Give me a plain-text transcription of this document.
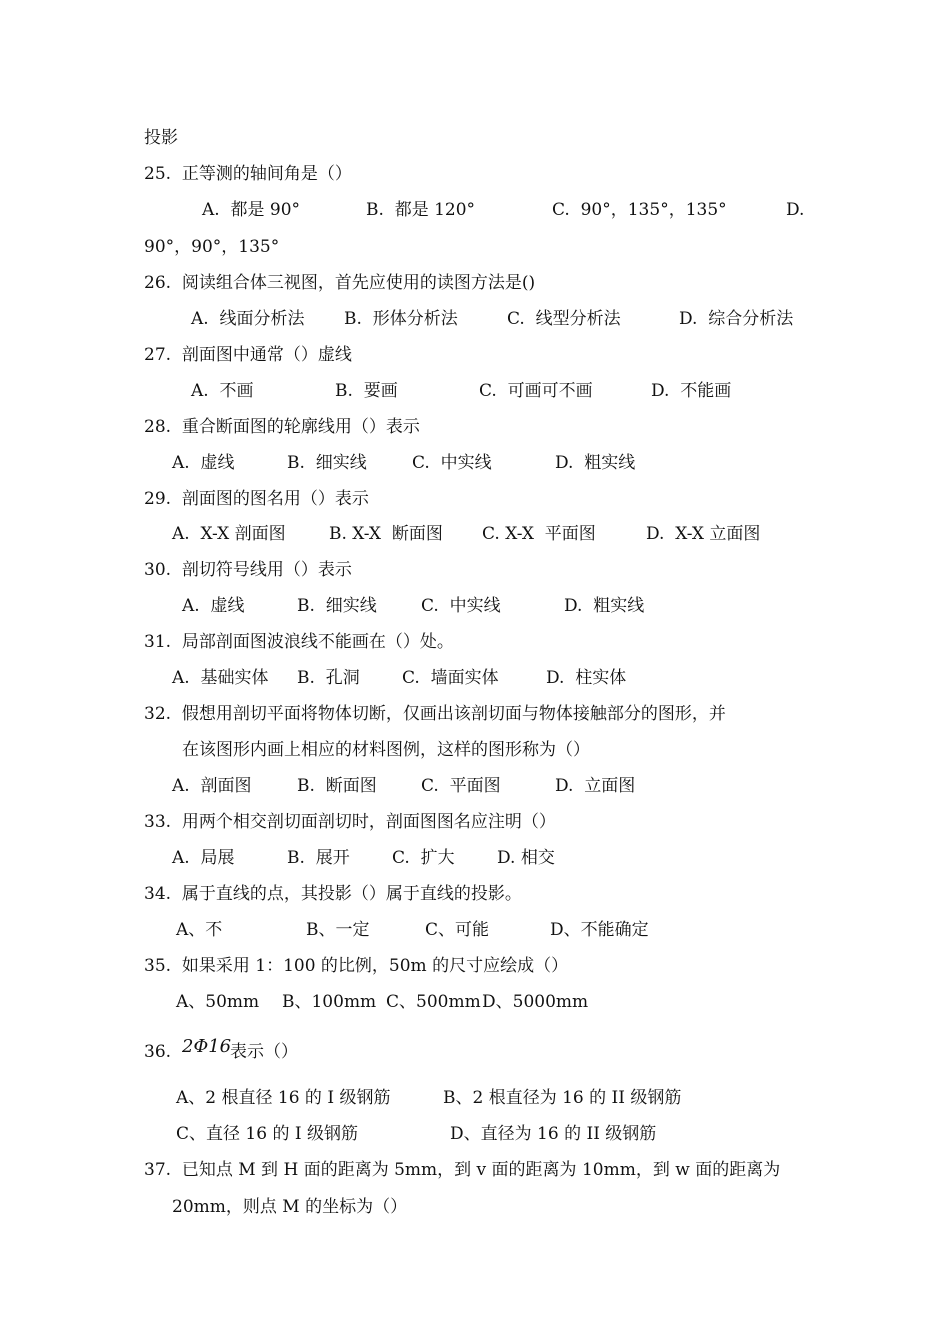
投影
25.  正等测的轴间角是（）
A.  都是 90°	B.  都是 120°	C.  90°，135°，135°	D.
90°，90°，135°
26.  阅读组合体三视图，首先应使用的读图方法是()
A.  线面分析法 B.  形体分析法	C.  线型分析法	D.  综合分析法
27.  剖面图中通常（）虚线
A.  不画	B.  要画	C.  可画可不画	D.  不能画
28.  重合断面图的轮廓线用（）表示
A.  虚线	B.  细实线	C.  中实线	D.  粗实线
29.  剖面图的图名用（）表示
A.  X-X 剖面图	B. X-X  断面图 C. X-X  平面图	D.  X-X 立面图
30.  剖切符号线用（）表示
A.  虚线	B.  细实线	C.  中实线	D.  粗实线
31.  局部剖面图波浪线不能画在（）处。
A.  基础实体 B.  孔洞 C.  墙面实体	D.  柱实体
32.  假想用剖切平面将物体切断，仅画出该剖切面与物体接触部分的图形，并
在该图形内画上相应的材料图例，这样的图形称为（）
A.  剖面图	B.  断面图	C.  平面图	D.  立面图
33.  用两个相交剖切面剖切时，剖面图图名应注明（）
A.  局展	B.  展开 C.  扩大 D. 相交
34.  属于直线的点，其投影（）属于直线的投影。
A、不	B、一定	C、可能	D、不能确定
35.  如果采用 1：100 的比例，50m 的尺寸应绘成（）
A、50mm B、100mm C、500mm D、5000mm
36. 2Φ16
表示（）
A、2 根直径 16 的 I 级钢筋	B、2 根直径为 16 的 II 级钢筋
C、直径 16 的 I 级钢筋	D、直径为 16 的 II 级钢筋
37.  已知点 M 到 H 面的距离为 5mm，到 v 面的距离为 10mm，到 w 面的距离为
20mm，则点 M 的坐标为（）
